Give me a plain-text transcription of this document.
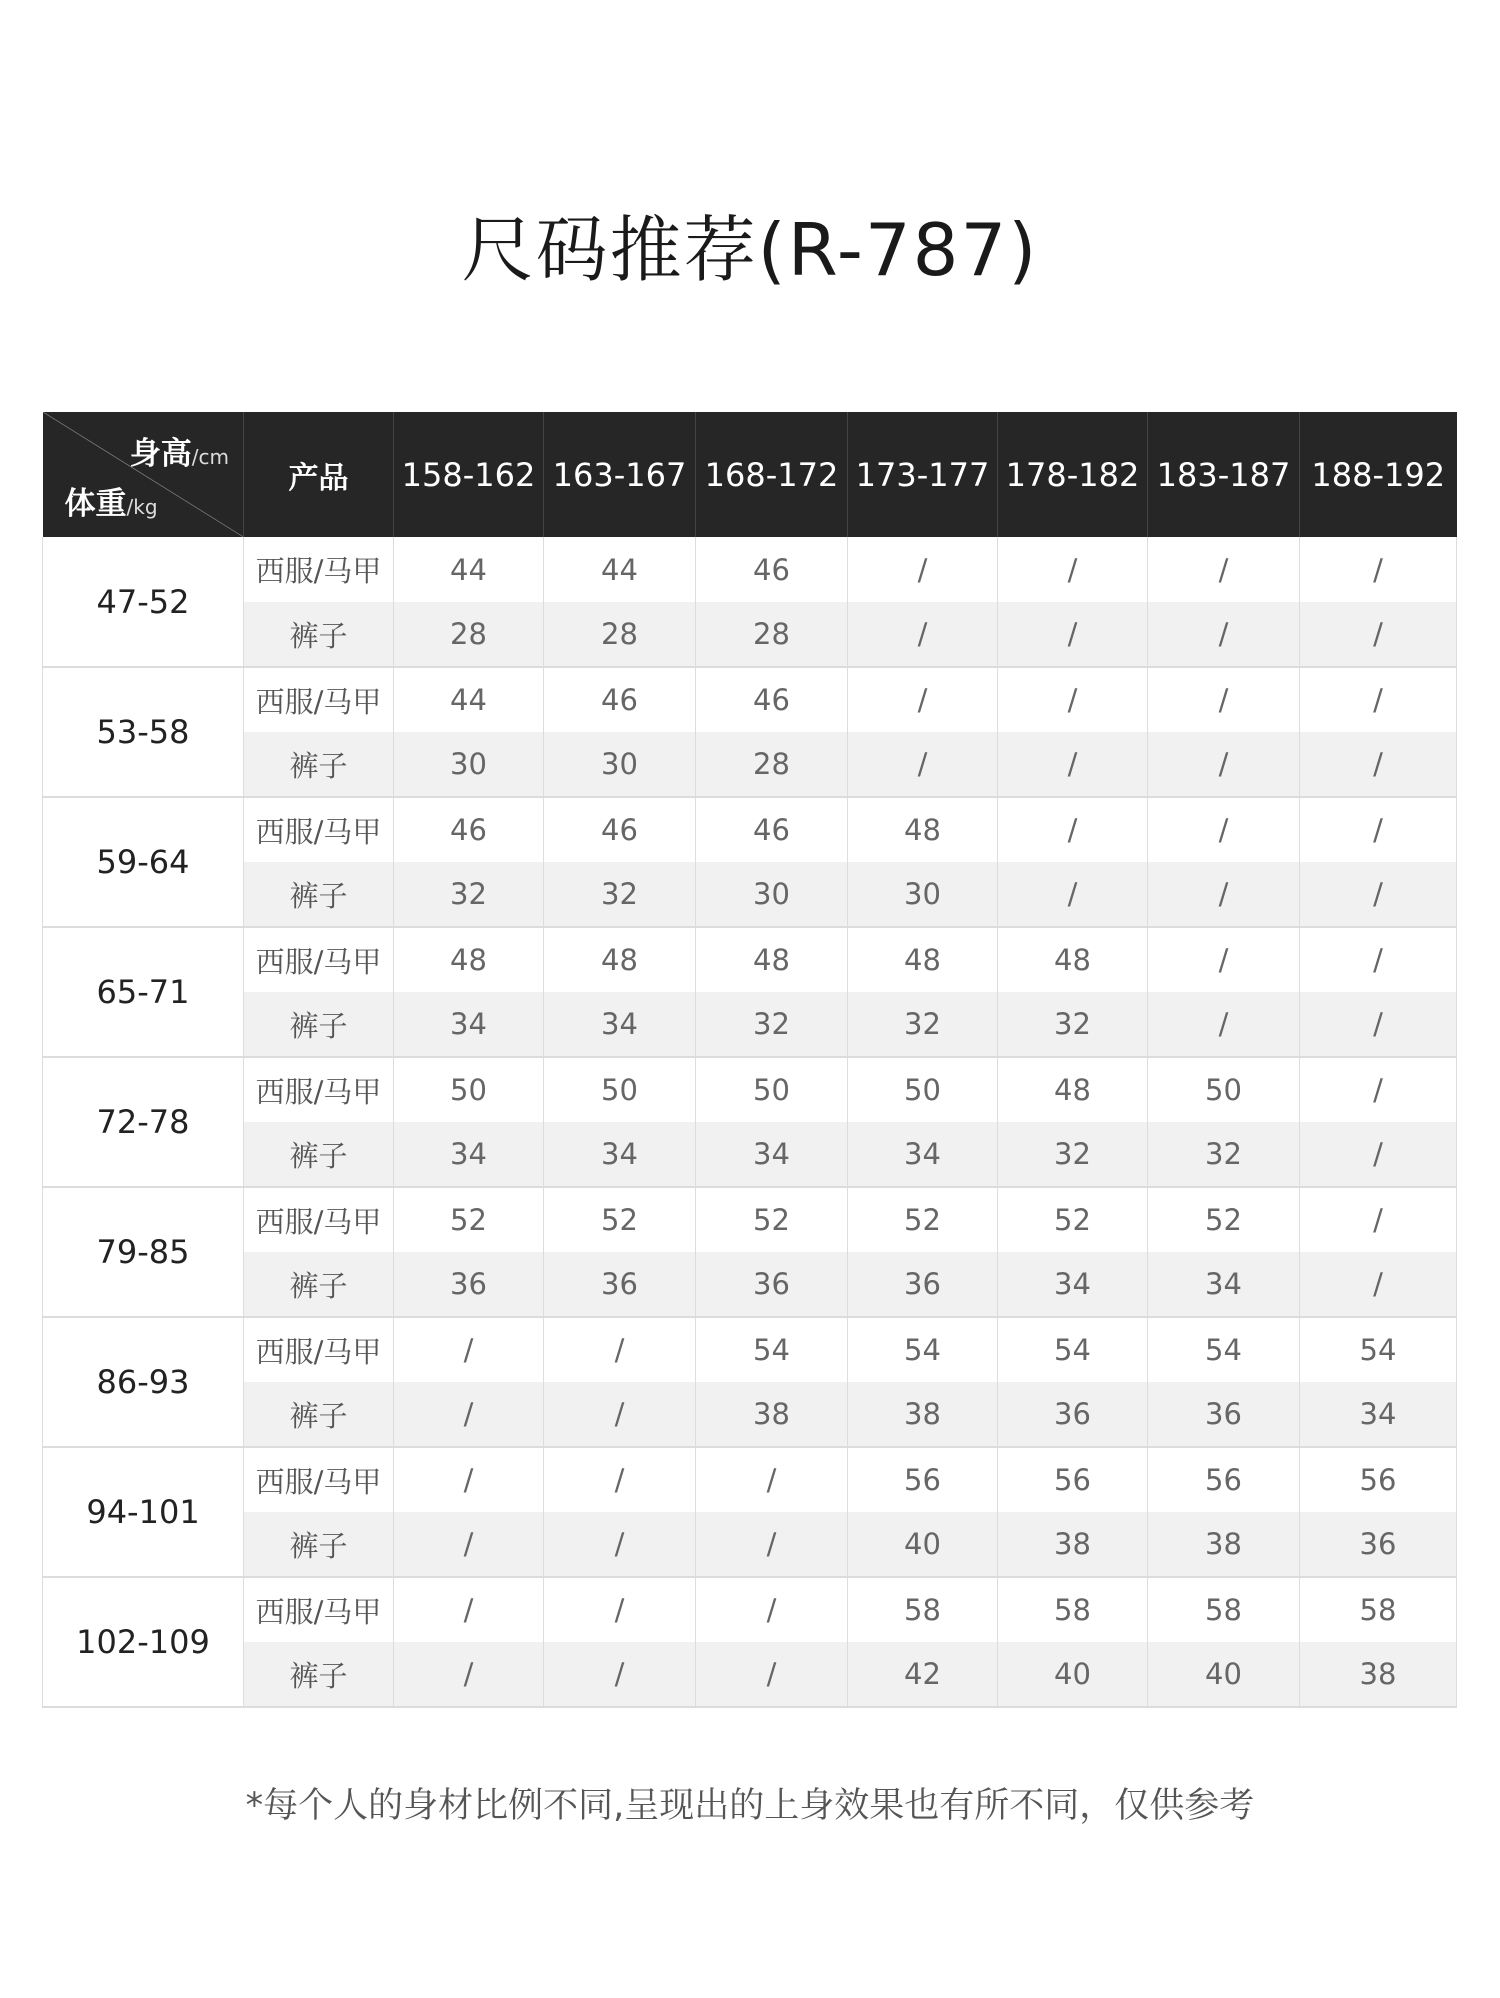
尺码推荐(R-787)
身高/cm
体重/kg	产品	158-162	163-167	168-172	173-177	178-182	183-187	188-192
47-52	西服/马甲	44	44	46	/	/	/	/
	裤子	28	28	28	/	/	/	/
53-58	西服/马甲	44	46	46	/	/	/	/
	裤子	30	30	28	/	/	/	/
59-64	西服/马甲	46	46	46	48	/	/	/
	裤子	32	32	30	30	/	/	/
65-71	西服/马甲	48	48	48	48	48	/	/
	裤子	34	34	32	32	32	/	/
72-78	西服/马甲	50	50	50	50	48	50	/
	裤子	34	34	34	34	32	32	/
79-85	西服/马甲	52	52	52	52	52	52	/
	裤子	36	36	36	36	34	34	/
86-93	西服/马甲	/	/	54	54	54	54	54
	裤子	/	/	38	38	36	36	34
94-101	西服/马甲	/	/	/	56	56	56	56
	裤子	/	/	/	40	38	38	36
102-109	西服/马甲	/	/	/	58	58	58	58
	裤子	/	/	/	42	40	40	38
*每个人的身材比例不同,呈现出的上身效果也有所不同，仅供参考
